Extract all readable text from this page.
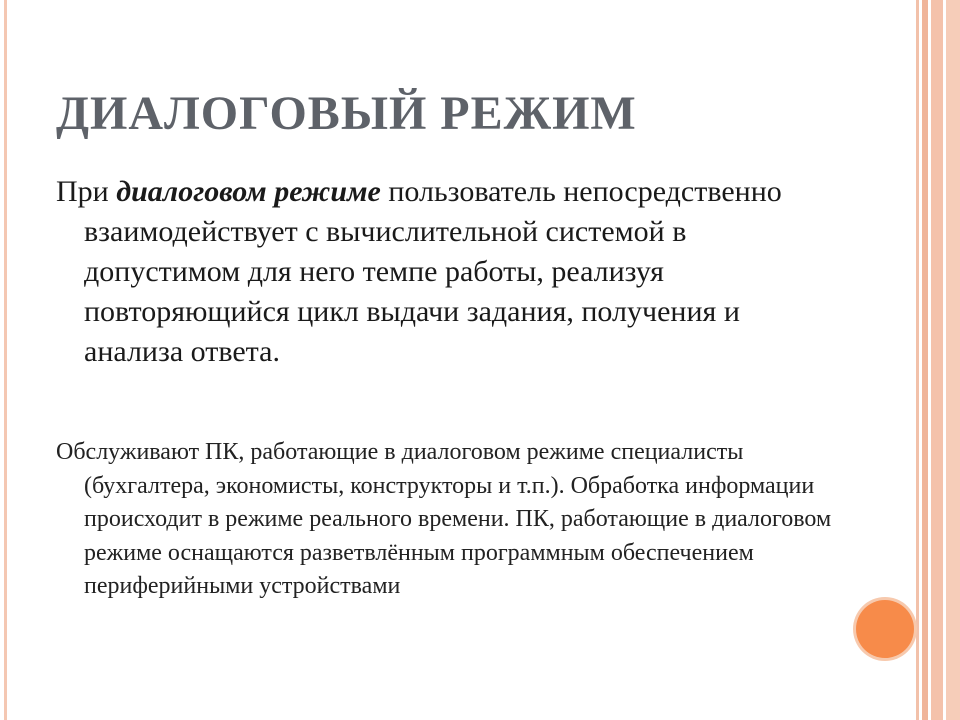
ДИАЛОГОВЫЙ РЕЖИМ

При диалоговом режиме пользователь непосредственно взаимодействует с вычислительной системой в допустимом для него темпе работы, реализуя повторяющийся цикл выдачи задания, получения и анализа ответа.

Обслуживают ПК, работающие в диалоговом режиме специалисты (бухгалтера, экономисты, конструкторы и т.п.). Обработка информации происходит в режиме реального времени. ПК, работающие в диалоговом режиме оснащаются разветвлённым программным обеспечением периферийными устройствами
